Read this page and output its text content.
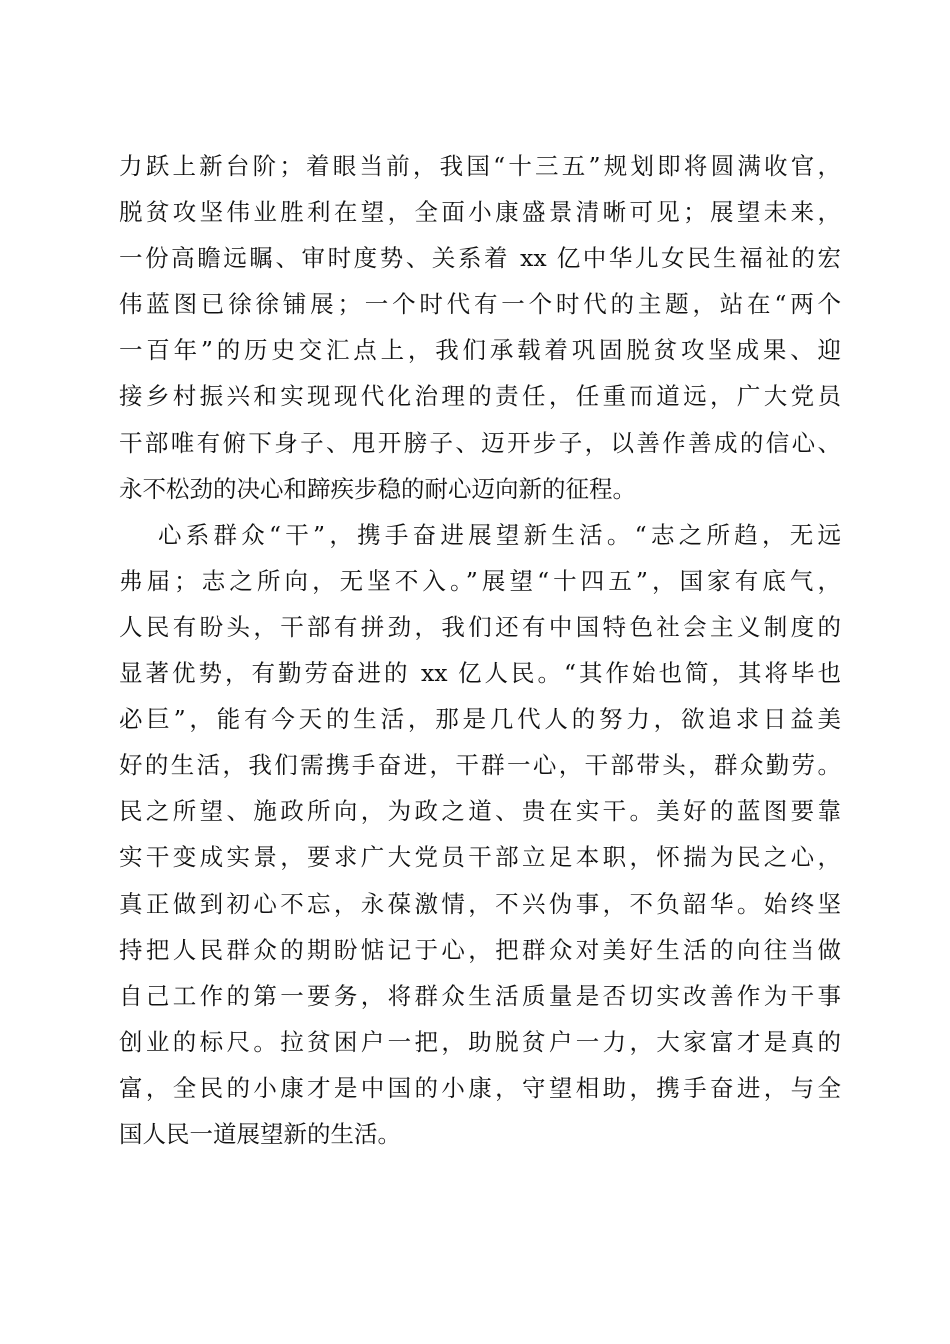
力跃上新台阶；着眼当前，我国“十三五”规划即将圆满收官，
脱贫攻坚伟业胜利在望，全面小康盛景清晰可见；展望未来，
一份高瞻远瞩、审时度势、关系着 xx 亿中华儿女民生福祉的宏
伟蓝图已徐徐铺展；一个时代有一个时代的主题，站在“两个
一百年”的历史交汇点上，我们承载着巩固脱贫攻坚成果、迎
接乡村振兴和实现现代化治理的责任，任重而道远，广大党员
干部唯有俯下身子、甩开膀子、迈开步子，以善作善成的信心、
永不松劲的决心和蹄疾步稳的耐心迈向新的征程。
心系群众“干”，携手奋进展望新生活。“志之所趋，无远
弗届；志之所向，无坚不入。”展望“十四五”，国家有底气，
人民有盼头，干部有拼劲，我们还有中国特色社会主义制度的
显著优势，有勤劳奋进的 xx 亿人民。“其作始也简，其将毕也
必巨”，能有今天的生活，那是几代人的努力，欲追求日益美
好的生活，我们需携手奋进，干群一心，干部带头，群众勤劳。
民之所望、施政所向，为政之道、贵在实干。美好的蓝图要靠
实干变成实景，要求广大党员干部立足本职，怀揣为民之心，
真正做到初心不忘，永葆激情，不兴伪事，不负韶华。始终坚
持把人民群众的期盼惦记于心，把群众对美好生活的向往当做
自己工作的第一要务，将群众生活质量是否切实改善作为干事
创业的标尺。拉贫困户一把，助脱贫户一力，大家富才是真的
富，全民的小康才是中国的小康，守望相助，携手奋进，与全
国人民一道展望新的生活。
